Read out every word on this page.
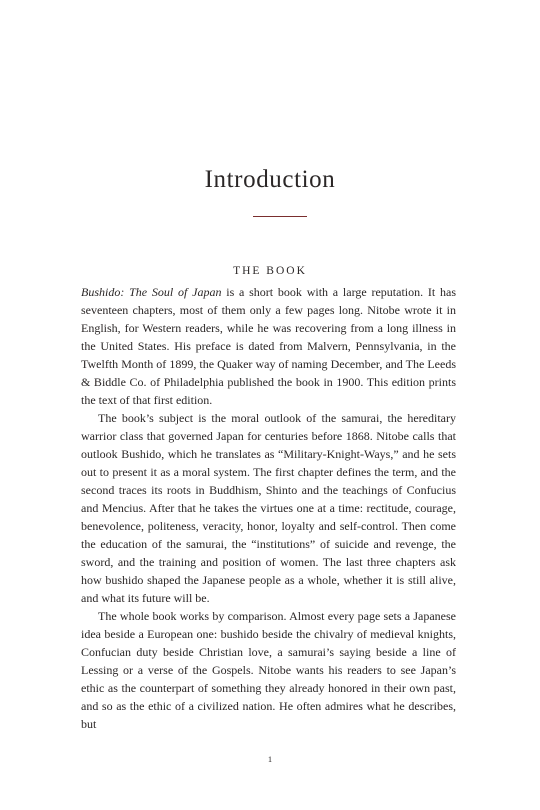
Introduction
THE BOOK

Bushido: The Soul of Japan is a short book with a large reputation. It has seventeen chapters, most of them only a few pages long. Nitobe wrote it in English, for Western readers, while he was recovering from a long illness in the United States. His preface is dated from Malvern, Pennsylvania, in the Twelfth Month of 1899, the Quaker way of naming December, and The Leeds & Biddle Co. of Philadelphia published the book in 1900. This edition prints the text of that first edition.

The book’s subject is the moral outlook of the samurai, the hereditary warrior class that governed Japan for centuries before 1868. Nitobe calls that outlook Bushido, which he translates as “Military-Knight-Ways,” and he sets out to present it as a moral system. The first chapter defines the term, and the second traces its roots in Buddhism, Shinto and the teachings of Confucius and Mencius. After that he takes the virtues one at a time: rectitude, courage, benevolence, politeness, veracity, honor, loyalty and self-control. Then come the education of the samurai, the “institutions” of suicide and revenge, the sword, and the training and position of women. The last three chapters ask how bushido shaped the Japanese people as a whole, whether it is still alive, and what its future will be.

The whole book works by comparison. Almost every page sets a Japanese idea beside a European one: bushido beside the chivalry of medieval knights, Confucian duty beside Christian love, a samurai’s saying beside a line of Lessing or a verse of the Gospels. Nitobe wants his readers to see Japan’s ethic as the counterpart of something they already honored in their own past, and so as the ethic of a civilized nation. He often admires what he describes, but

1
